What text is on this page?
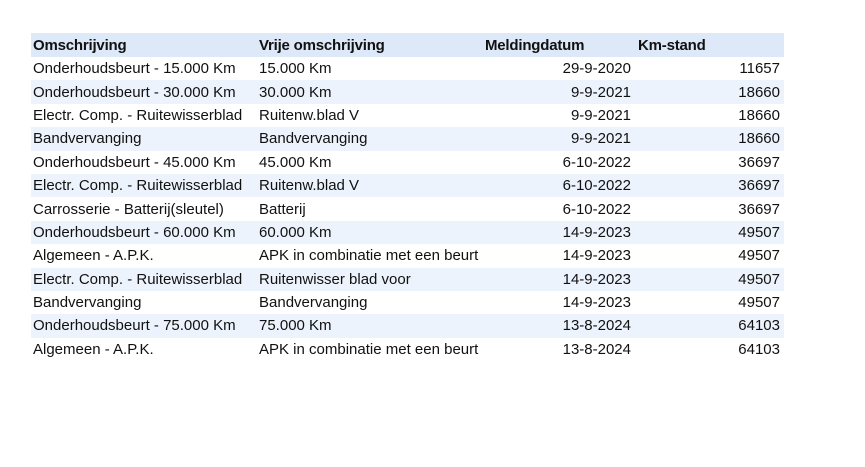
Omschrijving	Vrije omschrijving	Meldingdatum	Km-stand
Onderhoudsbeurt - 15.000 Km	15.000 Km	29-9-2020	11657
Onderhoudsbeurt - 30.000 Km	30.000 Km	9-9-2021	18660
Electr. Comp. - Ruitewisserblad	Ruitenw.blad V	9-9-2021	18660
Bandvervanging	Bandvervanging	9-9-2021	18660
Onderhoudsbeurt - 45.000 Km	45.000 Km	6-10-2022	36697
Electr. Comp. - Ruitewisserblad	Ruitenw.blad V	6-10-2022	36697
Carrosserie - Batterij(sleutel)	Batterij	6-10-2022	36697
Onderhoudsbeurt - 60.000 Km	60.000 Km	14-9-2023	49507
Algemeen - A.P.K.	APK in combinatie met een beurt	14-9-2023	49507
Electr. Comp. - Ruitewisserblad	Ruitenwisser blad voor	14-9-2023	49507
Bandvervanging	Bandvervanging	14-9-2023	49507
Onderhoudsbeurt - 75.000 Km	75.000 Km	13-8-2024	64103
Algemeen - A.P.K.	APK in combinatie met een beurt	13-8-2024	64103
